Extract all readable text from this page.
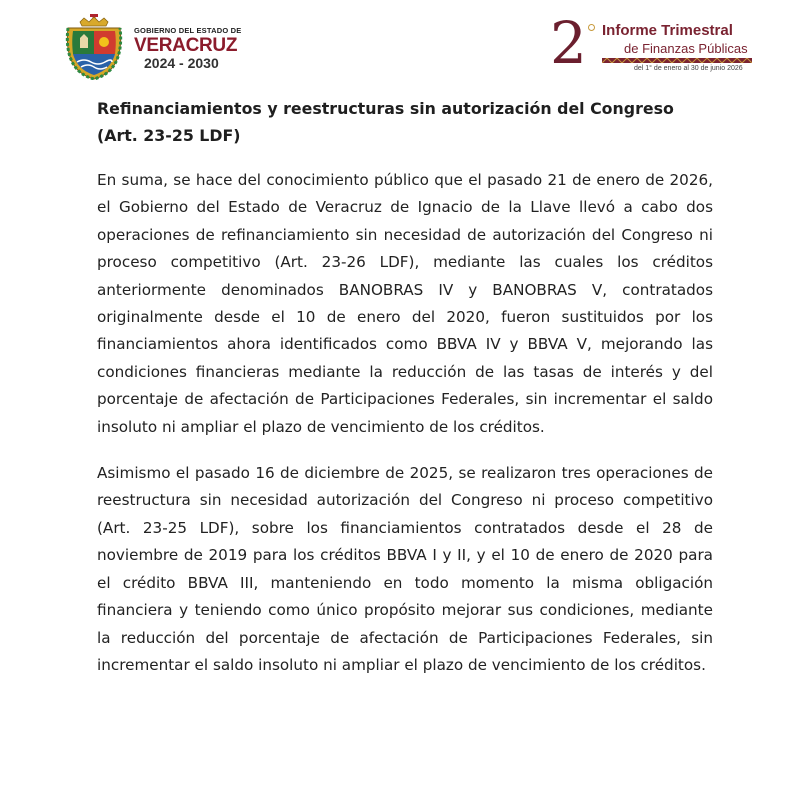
GOBIERNO DEL ESTADO DE
VERACRUZ
2024 - 2030	2 Informe Trimestral
de Finanzas Públicas
del 1° de enero al 30 de junio 2026
Refinanciamientos y reestructuras sin autorización del Congreso (Art. 23-25 LDF)

En suma, se hace del conocimiento público que el pasado 21 de enero de 2026, el Gobierno del Estado de Veracruz de Ignacio de la Llave llevó a cabo dos operaciones de refinanciamiento sin necesidad de autorización del Congreso ni proceso competitivo (Art. 23-26 LDF), mediante las cuales los créditos anteriormente denominados BANOBRAS IV y BANOBRAS V, contratados originalmente desde el 10 de enero del 2020, fueron sustituidos por los financiamientos ahora identificados como BBVA IV y BBVA V, mejorando las condiciones financieras mediante la reducción de las tasas de interés y del porcentaje de afectación de Participaciones Federales, sin incrementar el saldo insoluto ni ampliar el plazo de vencimiento de los créditos.

Asimismo el pasado 16 de diciembre de 2025, se realizaron tres operaciones de reestructura sin necesidad autorización del Congreso ni proceso competitivo (Art. 23-25 LDF), sobre los financiamientos contratados desde el 28 de noviembre de 2019 para los créditos BBVA I y II, y el 10 de enero de 2020 para el crédito BBVA III, manteniendo en todo momento la misma obligación financiera y teniendo como único propósito mejorar sus condiciones, mediante la reducción del porcentaje de afectación de Participaciones Federales, sin incrementar el saldo insoluto ni ampliar el plazo de vencimiento de los créditos.
